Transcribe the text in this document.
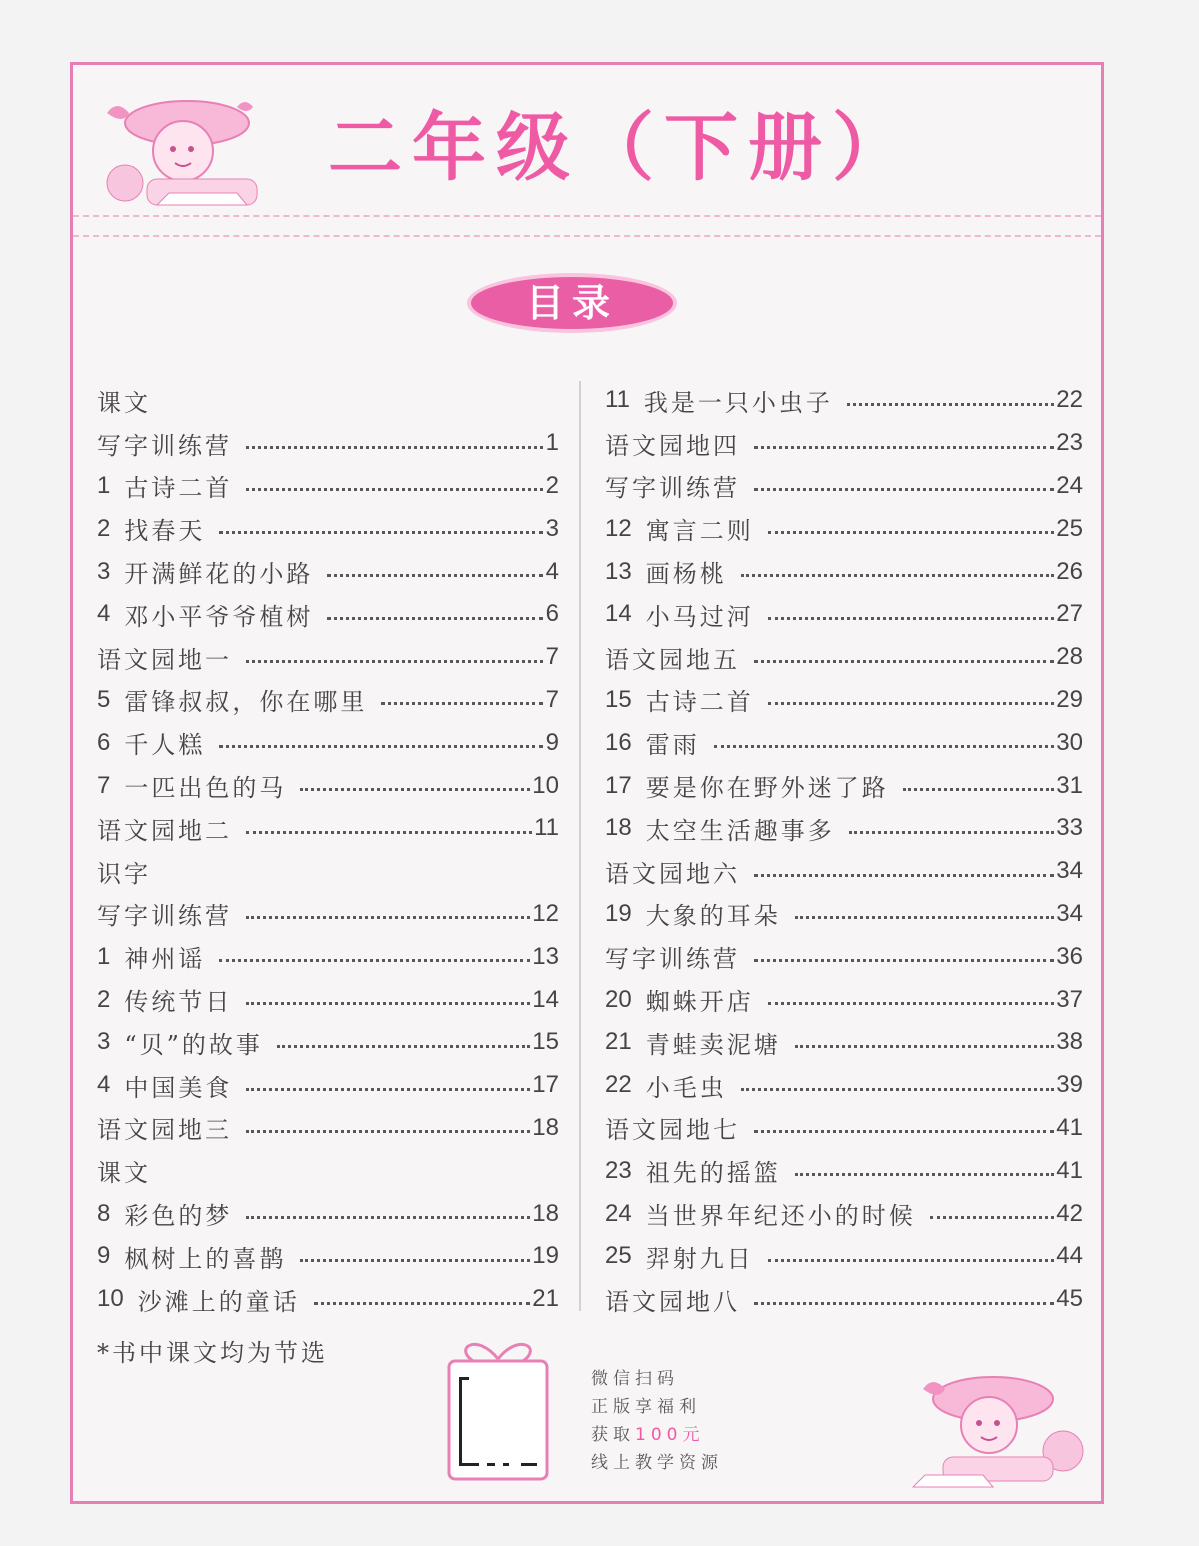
二年级（下册）
目录
课文
写字训练营	1
1 古诗二首	2
2 找春天	3
3 开满鲜花的小路	4
4 邓小平爷爷植树	6
语文园地一	7
5 雷锋叔叔，你在哪里	7
6 千人糕	9
7 一匹出色的马	10
语文园地二	11
识字
写字训练营	12
1 神州谣	13
2 传统节日	14
3 “贝”的故事	15
4 中国美食	17
语文园地三	18
课文
8 彩色的梦	18
9 枫树上的喜鹊	19
10 沙滩上的童话	21
11 我是一只小虫子	22
语文园地四	23
写字训练营	24
12 寓言二则	25
13 画杨桃	26
14 小马过河	27
语文园地五	28
15 古诗二首	29
16 雷雨	30
17 要是你在野外迷了路	31
18 太空生活趣事多	33
语文园地六	34
19 大象的耳朵	34
写字训练营	36
20 蜘蛛开店	37
21 青蛙卖泥塘	38
22 小毛虫	39
语文园地七	41
23 祖先的摇篮	41
24 当世界年纪还小的时候	42
25 羿射九日	44
语文园地八	45
*书中课文均为节选
微信扫码
正版享福利
获取100元
线上教学资源
